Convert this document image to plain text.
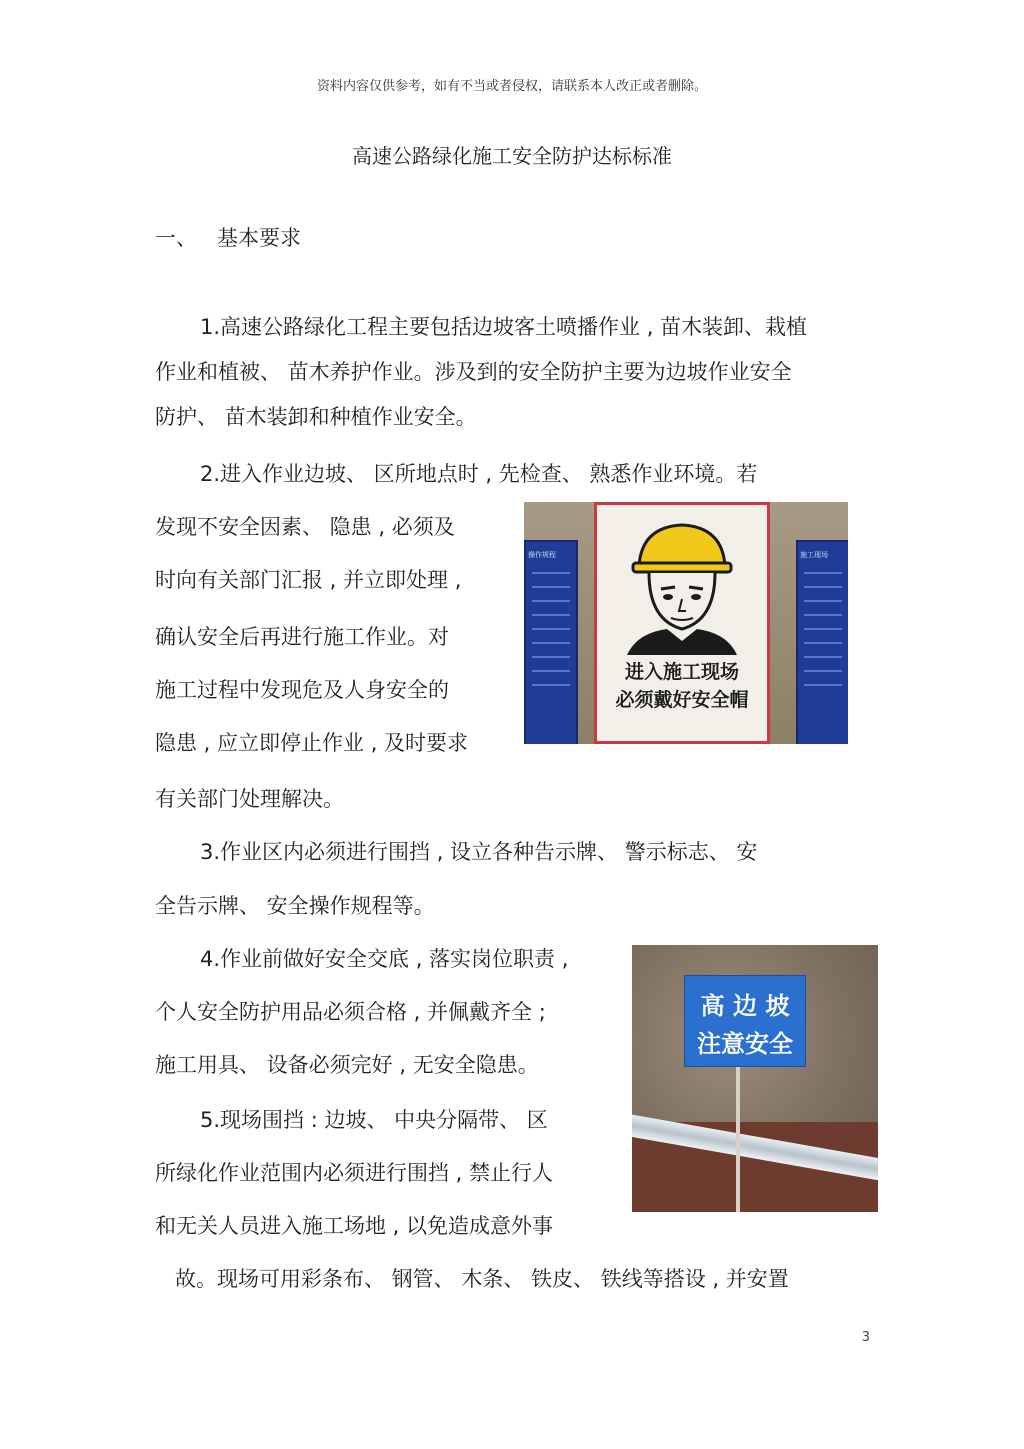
资料内容仅供参考，如有不当或者侵权，请联系本人改正或者删除。
高速公路绿化施工安全防护达标标准
一、 基本要求
1.高速公路绿化工程主要包括边坡客土喷播作业 , 苗木装卸、栽植
作业和植被、 苗木养护作业。涉及到的安全防护主要为边坡作业安全
防护、 苗木装卸和种植作业安全。
2.进入作业边坡、 区所地点时 , 先检查、 熟悉作业环境。若
发现不安全因素、 隐患 , 必须及
时向有关部门汇报 , 并立即处理 ,
确认安全后再进行施工作业。对
施工过程中发现危及人身安全的
隐患 , 应立即停止作业 , 及时要求
有关部门处理解决。
3.作业区内必须进行围挡 , 设立各种告示牌、 警示标志、 安
全告示牌、 安全操作规程等。
4.作业前做好安全交底 , 落实岗位职责 ,
个人安全防护用品必须合格 , 并佩戴齐全 ;
施工用具、 设备必须完好 , 无安全隐患。
5.现场围挡 : 边坡、 中央分隔带、 区
所绿化作业范围内必须进行围挡 , 禁止行人
和无关人员进入施工场地 , 以免造成意外事
故。现场可用彩条布、 钢管、 木条、 铁皮、 铁线等搭设 , 并安置
操作规程	施工现场
进入施工现场
必须戴好安全帽
高 边 坡
注意安全
3
